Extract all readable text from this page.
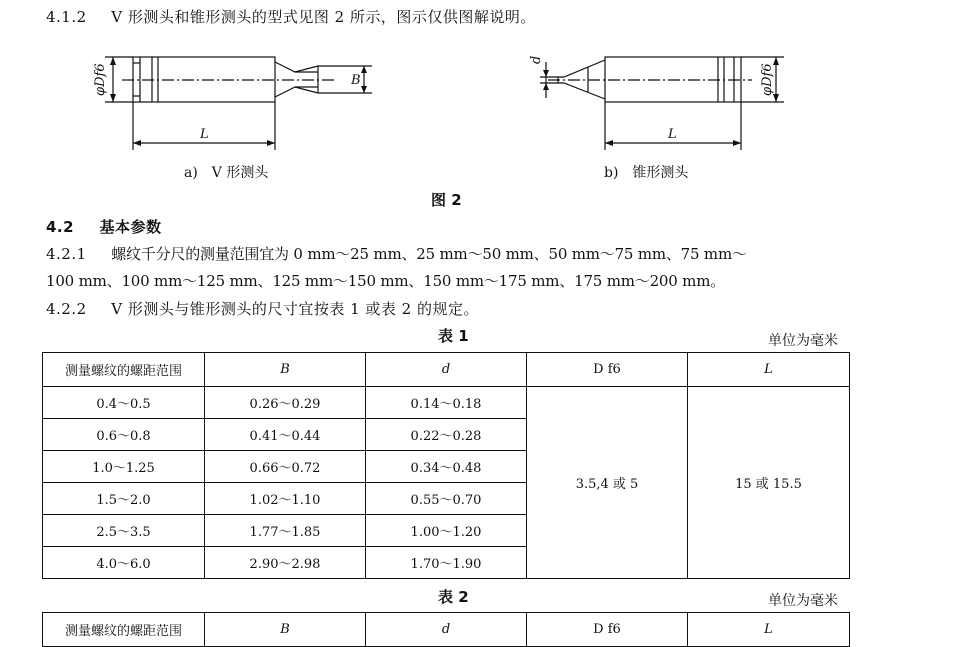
4.1.2 V 形测头和锥形测头的型式见图 2 所示，图示仅供图解说明。
φDf6	B
L
d
φDf6
L
a)　V 形测头	b)　锥形测头
图 2
4.2 基本参数
4.2.1 螺纹千分尺的测量范围宜为 0 mm～25 mm、25 mm～50 mm、50 mm～75 mm、75 mm～
100 mm、100 mm～125 mm、125 mm～150 mm、150 mm～175 mm、175 mm～200 mm。
4.2.2 V 形测头与锥形测头的尺寸宜按表 1 或表 2 的规定。
表 1	单位为毫米
测量螺纹的螺距范围	B	d	D f6	L
0.4～0.5	0.26～0.29	0.14～0.18	3.5,4 或 5	15 或 15.5
0.6～0.8	0.41～0.44	0.22～0.28		
1.0～1.25	0.66～0.72	0.34～0.48		
1.5～2.0	1.02～1.10	0.55～0.70		
2.5～3.5	1.77～1.85	1.00～1.20		
4.0～6.0	2.90～2.98	1.70～1.90		
表 2	单位为毫米
测量螺纹的螺距范围	B	d	D f6	L
